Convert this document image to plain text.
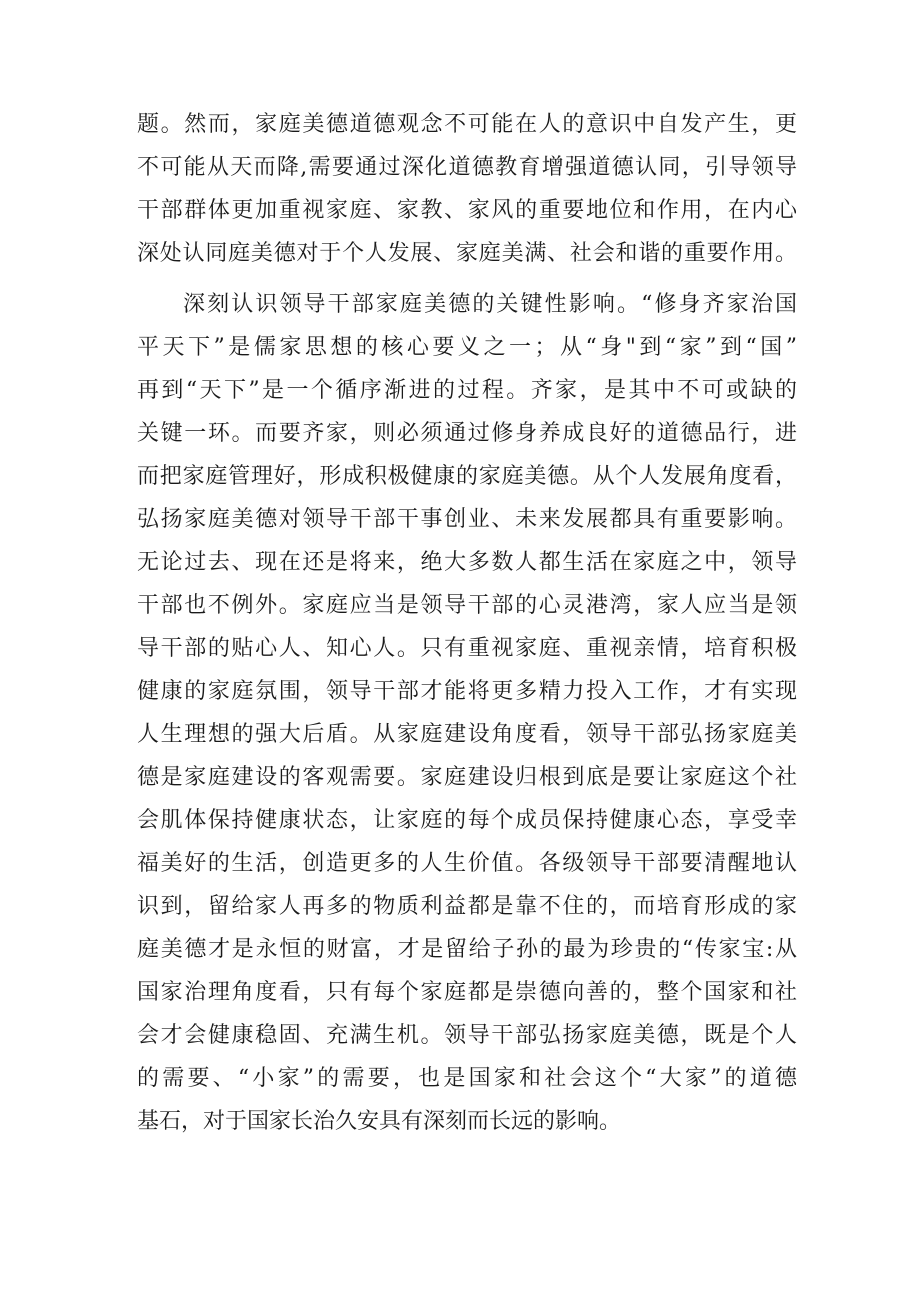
题。然而，家庭美德道德观念不可能在人的意识中自发产生，更
不可能从天而降,需要通过深化道德教育增强道德认同，引导领导
干部群体更加重视家庭、家教、家风的重要地位和作用，在内心
深处认同庭美德对于个人发展、家庭美满、社会和谐的重要作用。
深刻认识领导干部家庭美德的关键性影响。“修身齐家治国
平天下”是儒家思想的核心要义之一；从“身"到“家”到“国”
再到“天下”是一个循序渐进的过程。齐家，是其中不可或缺的
关键一环。而要齐家，则必须通过修身养成良好的道德品行，进
而把家庭管理好，形成积极健康的家庭美德。从个人发展角度看，
弘扬家庭美德对领导干部干事创业、未来发展都具有重要影响。
无论过去、现在还是将来，绝大多数人都生活在家庭之中，领导
干部也不例外。家庭应当是领导干部的心灵港湾，家人应当是领
导干部的贴心人、知心人。只有重视家庭、重视亲情，培育积极
健康的家庭氛围，领导干部才能将更多精力投入工作，才有实现
人生理想的强大后盾。从家庭建设角度看，领导干部弘扬家庭美
德是家庭建设的客观需要。家庭建设归根到底是要让家庭这个社
会肌体保持健康状态，让家庭的每个成员保持健康心态，享受幸
福美好的生活，创造更多的人生价值。各级领导干部要清醒地认
识到，留给家人再多的物质利益都是靠不住的，而培育形成的家
庭美德才是永恒的财富，才是留给子孙的最为珍贵的“传家宝:从
国家治理角度看，只有每个家庭都是崇德向善的，整个国家和社
会才会健康稳固、充满生机。领导干部弘扬家庭美德，既是个人
的需要、“小家”的需要，也是国家和社会这个“大家”的道德
基石，对于国家长治久安具有深刻而长远的影响。
